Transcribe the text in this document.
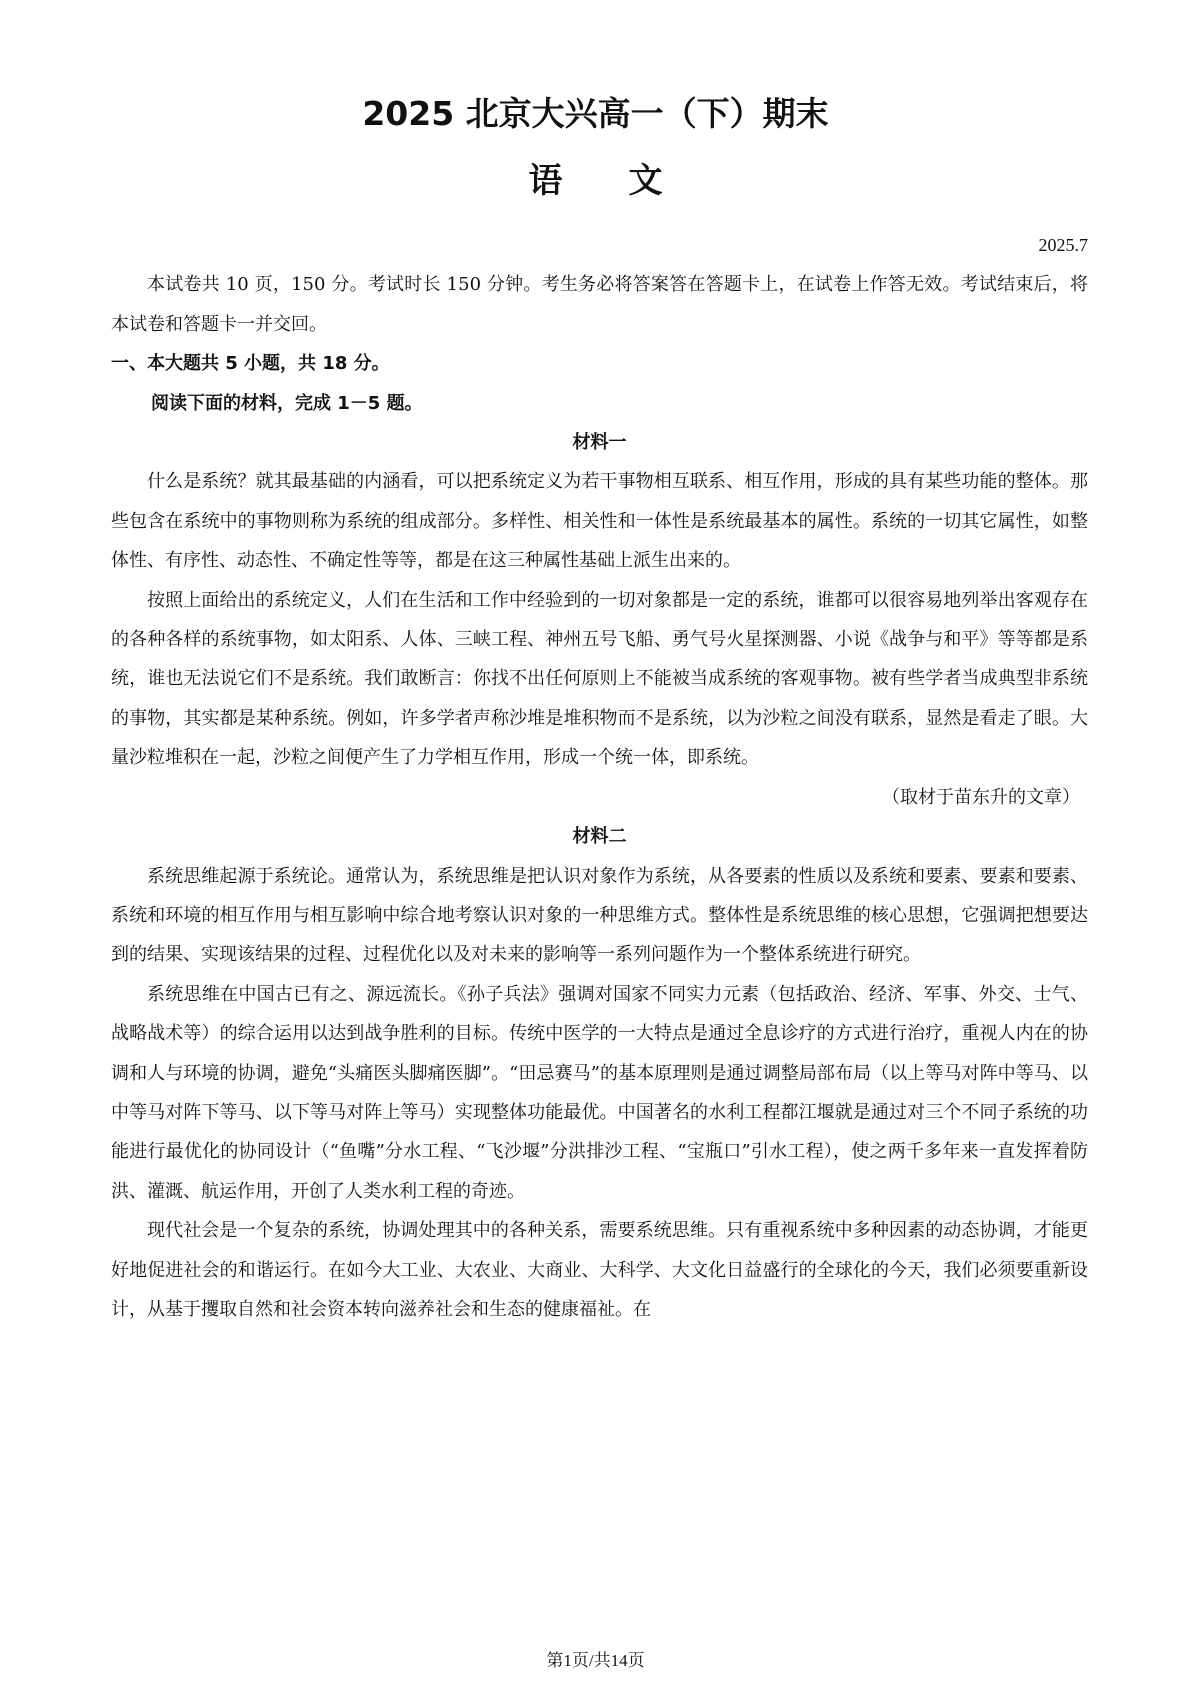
2025 北京大兴高一（下）期末
语文

2025.7

本试卷共 10 页，150 分。考试时长 150 分钟。考生务必将答案答在答题卡上，在试卷上作答无效。考试结束后，将本试卷和答题卡一并交回。

一、本大题共 5 小题，共 18 分。

阅读下面的材料，完成 1－5 题。

材料一

什么是系统？就其最基础的内涵看，可以把系统定义为若干事物相互联系、相互作用，形成的具有某些功能的整体。那些包含在系统中的事物则称为系统的组成部分。多样性、相关性和一体性是系统最基本的属性。系统的一切其它属性，如整体性、有序性、动态性、不确定性等等，都是在这三种属性基础上派生出来的。

按照上面给出的系统定义，人们在生活和工作中经验到的一切对象都是一定的系统，谁都可以很容易地列举出客观存在的各种各样的系统事物，如太阳系、人体、三峡工程、神州五号飞船、勇气号火星探测器、小说《战争与和平》等等都是系统，谁也无法说它们不是系统。我们敢断言：你找不出任何原则上不能被当成系统的客观事物。被有些学者当成典型非系统的事物，其实都是某种系统。例如，许多学者声称沙堆是堆积物而不是系统，以为沙粒之间没有联系，显然是看走了眼。大量沙粒堆积在一起，沙粒之间便产生了力学相互作用，形成一个统一体，即系统。

（取材于苗东升的文章）

材料二

系统思维起源于系统论。通常认为，系统思维是把认识对象作为系统，从各要素的性质以及系统和要素、要素和要素、系统和环境的相互作用与相互影响中综合地考察认识对象的一种思维方式。整体性是系统思维的核心思想，它强调把想要达到的结果、实现该结果的过程、过程优化以及对未来的影响等一系列问题作为一个整体系统进行研究。

系统思维在中国古已有之、源远流长。《孙子兵法》强调对国家不同实力元素（包括政治、经济、军事、外交、士气、战略战术等）的综合运用以达到战争胜利的目标。传统中医学的一大特点是通过全息诊疗的方式进行治疗，重视人内在的协调和人与环境的协调，避免“头痛医头脚痛医脚”。“田忌赛马”的基本原理则是通过调整局部布局（以上等马对阵中等马、以中等马对阵下等马、以下等马对阵上等马）实现整体功能最优。中国著名的水利工程都江堰就是通过对三个不同子系统的功能进行最优化的协同设计（“鱼嘴”分水工程、“飞沙堰”分洪排沙工程、“宝瓶口”引水工程），使之两千多年来一直发挥着防洪、灌溉、航运作用，开创了人类水利工程的奇迹。

现代社会是一个复杂的系统，协调处理其中的各种关系，需要系统思维。只有重视系统中多种因素的动态协调，才能更好地促进社会的和谐运行。在如今大工业、大农业、大商业、大科学、大文化日益盛行的全球化的今天，我们必须要重新设计，从基于攫取自然和社会资本转向滋养社会和生态的健康福祉。在

第1页/共14页
